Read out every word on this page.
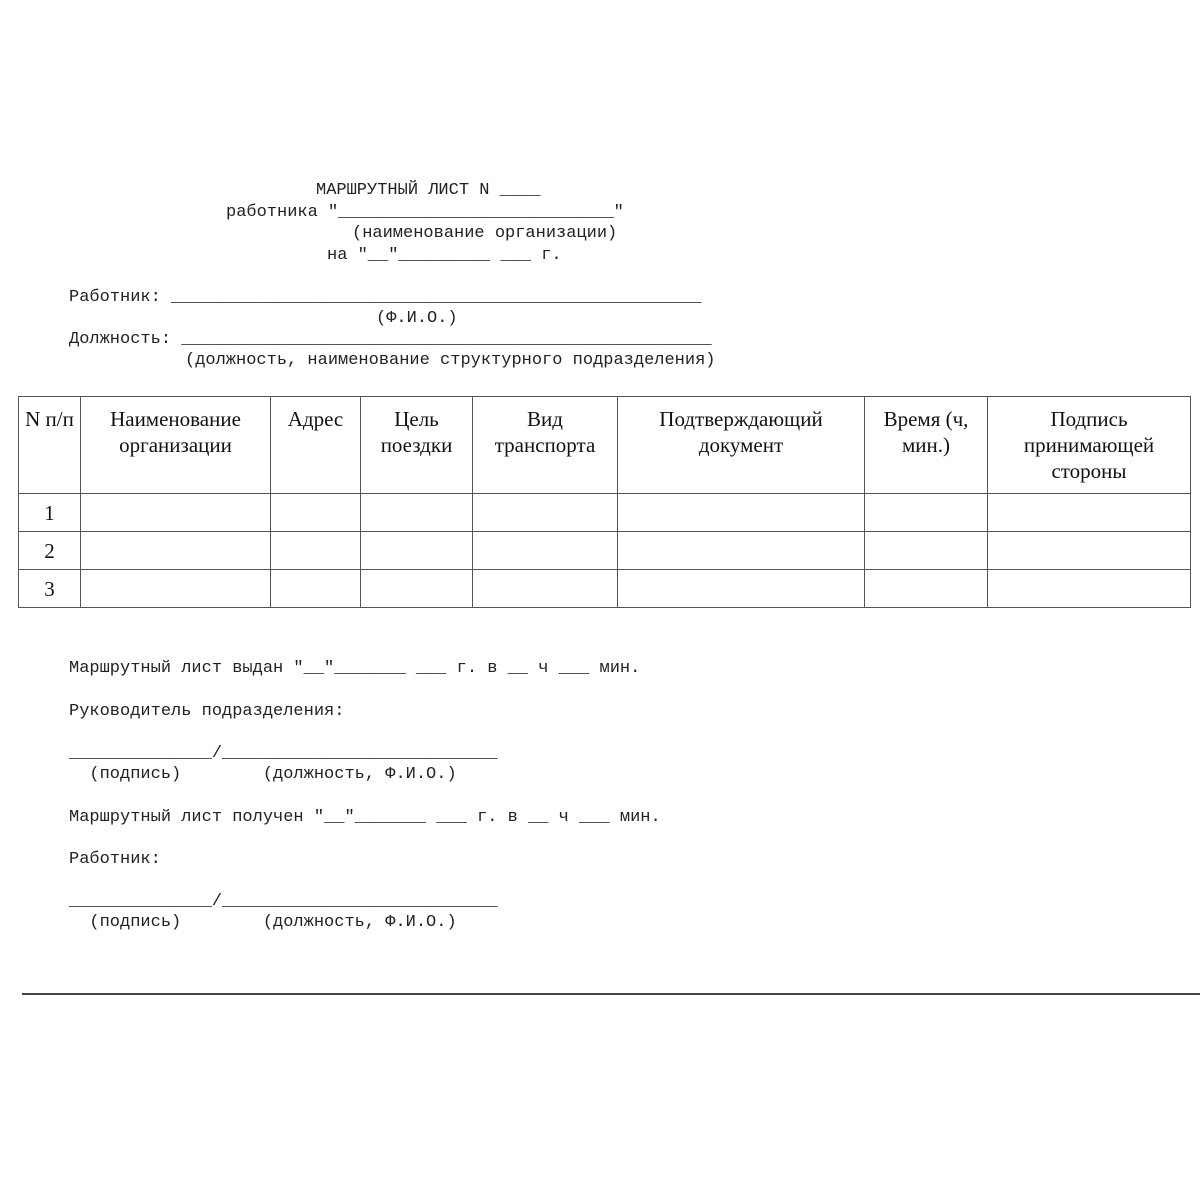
МАРШРУТНЫЙ ЛИСТ N ____

работника "___________________________"

(наименование организации)

на "__"_________ ___ г.

Работник: ____________________________________________________

(Ф.И.О.)

Должность: ____________________________________________________

(должность, наименование структурного подразделения)

N п/п	Наименование организации	Адрес	Цель поездки	Вид транспорта	Подтверждающий документ	Время (ч, мин.)	Подпись принимающей стороны
1							
2							
3							

Маршрутный лист выдан "__"_______ ___ г. в __ ч ___ мин.

Руководитель подразделения:

______________/___________________________

(подпись)        (должность, Ф.И.О.)

Маршрутный лист получен "__"_______ ___ г. в __ ч ___ мин.

Работник:

______________/___________________________

(подпись)        (должность, Ф.И.О.)
